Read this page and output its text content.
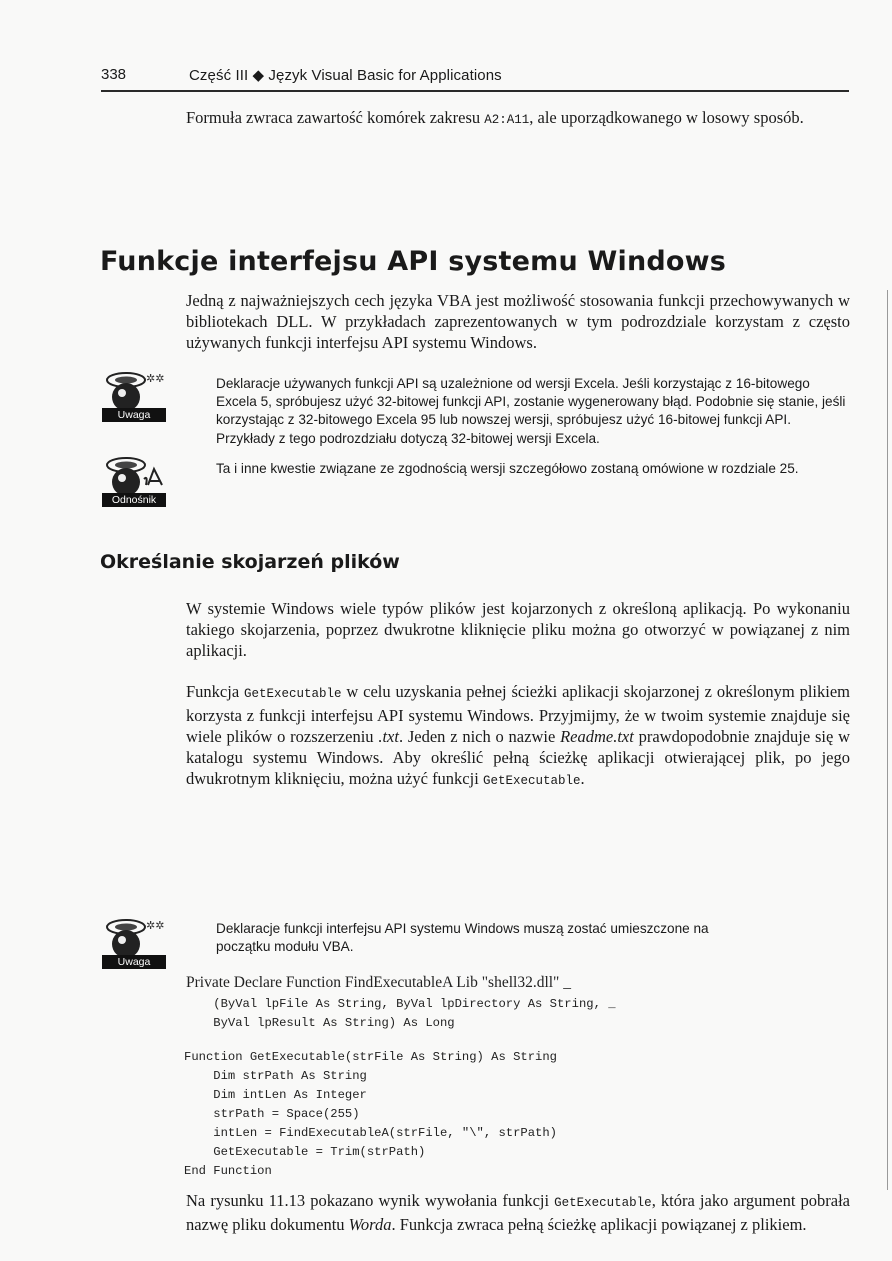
338	Część III ◆ Język Visual Basic for Applications

Formuła zwraca zawartość komórek zakresu A2:A11, ale uporządkowanego w losowy sposób.

Funkcje interfejsu API systemu Windows

Jedną z najważniejszych cech języka VBA jest możliwość stosowania funkcji przechowywanych w bibliotekach DLL. W przykładach zaprezentowanych w tym podrozdziale korzystam z często używanych funkcji interfejsu API systemu Windows.

✲✲
Uwaga
Deklaracje używanych funkcji API są uzależnione od wersji Excela. Jeśli korzystając z 16-bitowego Excela 5, spróbujesz użyć 32-bitowej funkcji API, zostanie wygenerowany błąd. Podobnie się stanie, jeśli korzystając z 32-bitowego Excela 95 lub nowszej wersji, spróbujesz użyć 16-bitowej funkcji API. Przykłady z tego podrozdziału dotyczą 32-bitowej wersji Excela.
Odnośnik
Ta i inne kwestie związane ze zgodnością wersji szczegółowo zostaną omówione w rozdziale 25.
Określanie skojarzeń plików

W systemie Windows wiele typów plików jest kojarzonych z określoną aplikacją. Po wykonaniu takiego skojarzenia, poprzez dwukrotne kliknięcie pliku można go otworzyć w powiązanej z nim aplikacji.

Funkcja GetExecutable w celu uzyskania pełnej ścieżki aplikacji skojarzonej z określonym plikiem korzysta z funkcji interfejsu API systemu Windows. Przyjmijmy, że w twoim systemie znajduje się wiele plików o rozszerzeniu .txt. Jeden z nich o nazwie Readme.txt prawdopodobnie znajduje się w katalogu systemu Windows. Aby określić pełną ścieżkę aplikacji otwierającej plik, po jego dwukrotnym kliknięciu, można użyć funkcji GetExecutable.

✲✲
Uwaga
Deklaracje funkcji interfejsu API systemu Windows muszą zostać umieszczone na początku modułu VBA.
Private Declare Function FindExecutableA Lib "shell32.dll" _
(ByVal lpFile As String, ByVal lpDirectory As String, _
ByVal lpResult As String) As Long
Function GetExecutable(strFile As String) As String
Dim strPath As String
Dim intLen As Integer
strPath = Space(255)
intLen = FindExecutableA(strFile, "\", strPath)
GetExecutable = Trim(strPath)
End Function

Na rysunku 11.13 pokazano wynik wywołania funkcji GetExecutable, która jako argument pobrała nazwę pliku dokumentu Worda. Funkcja zwraca pełną ścieżkę aplikacji powiązanej z plikiem.
